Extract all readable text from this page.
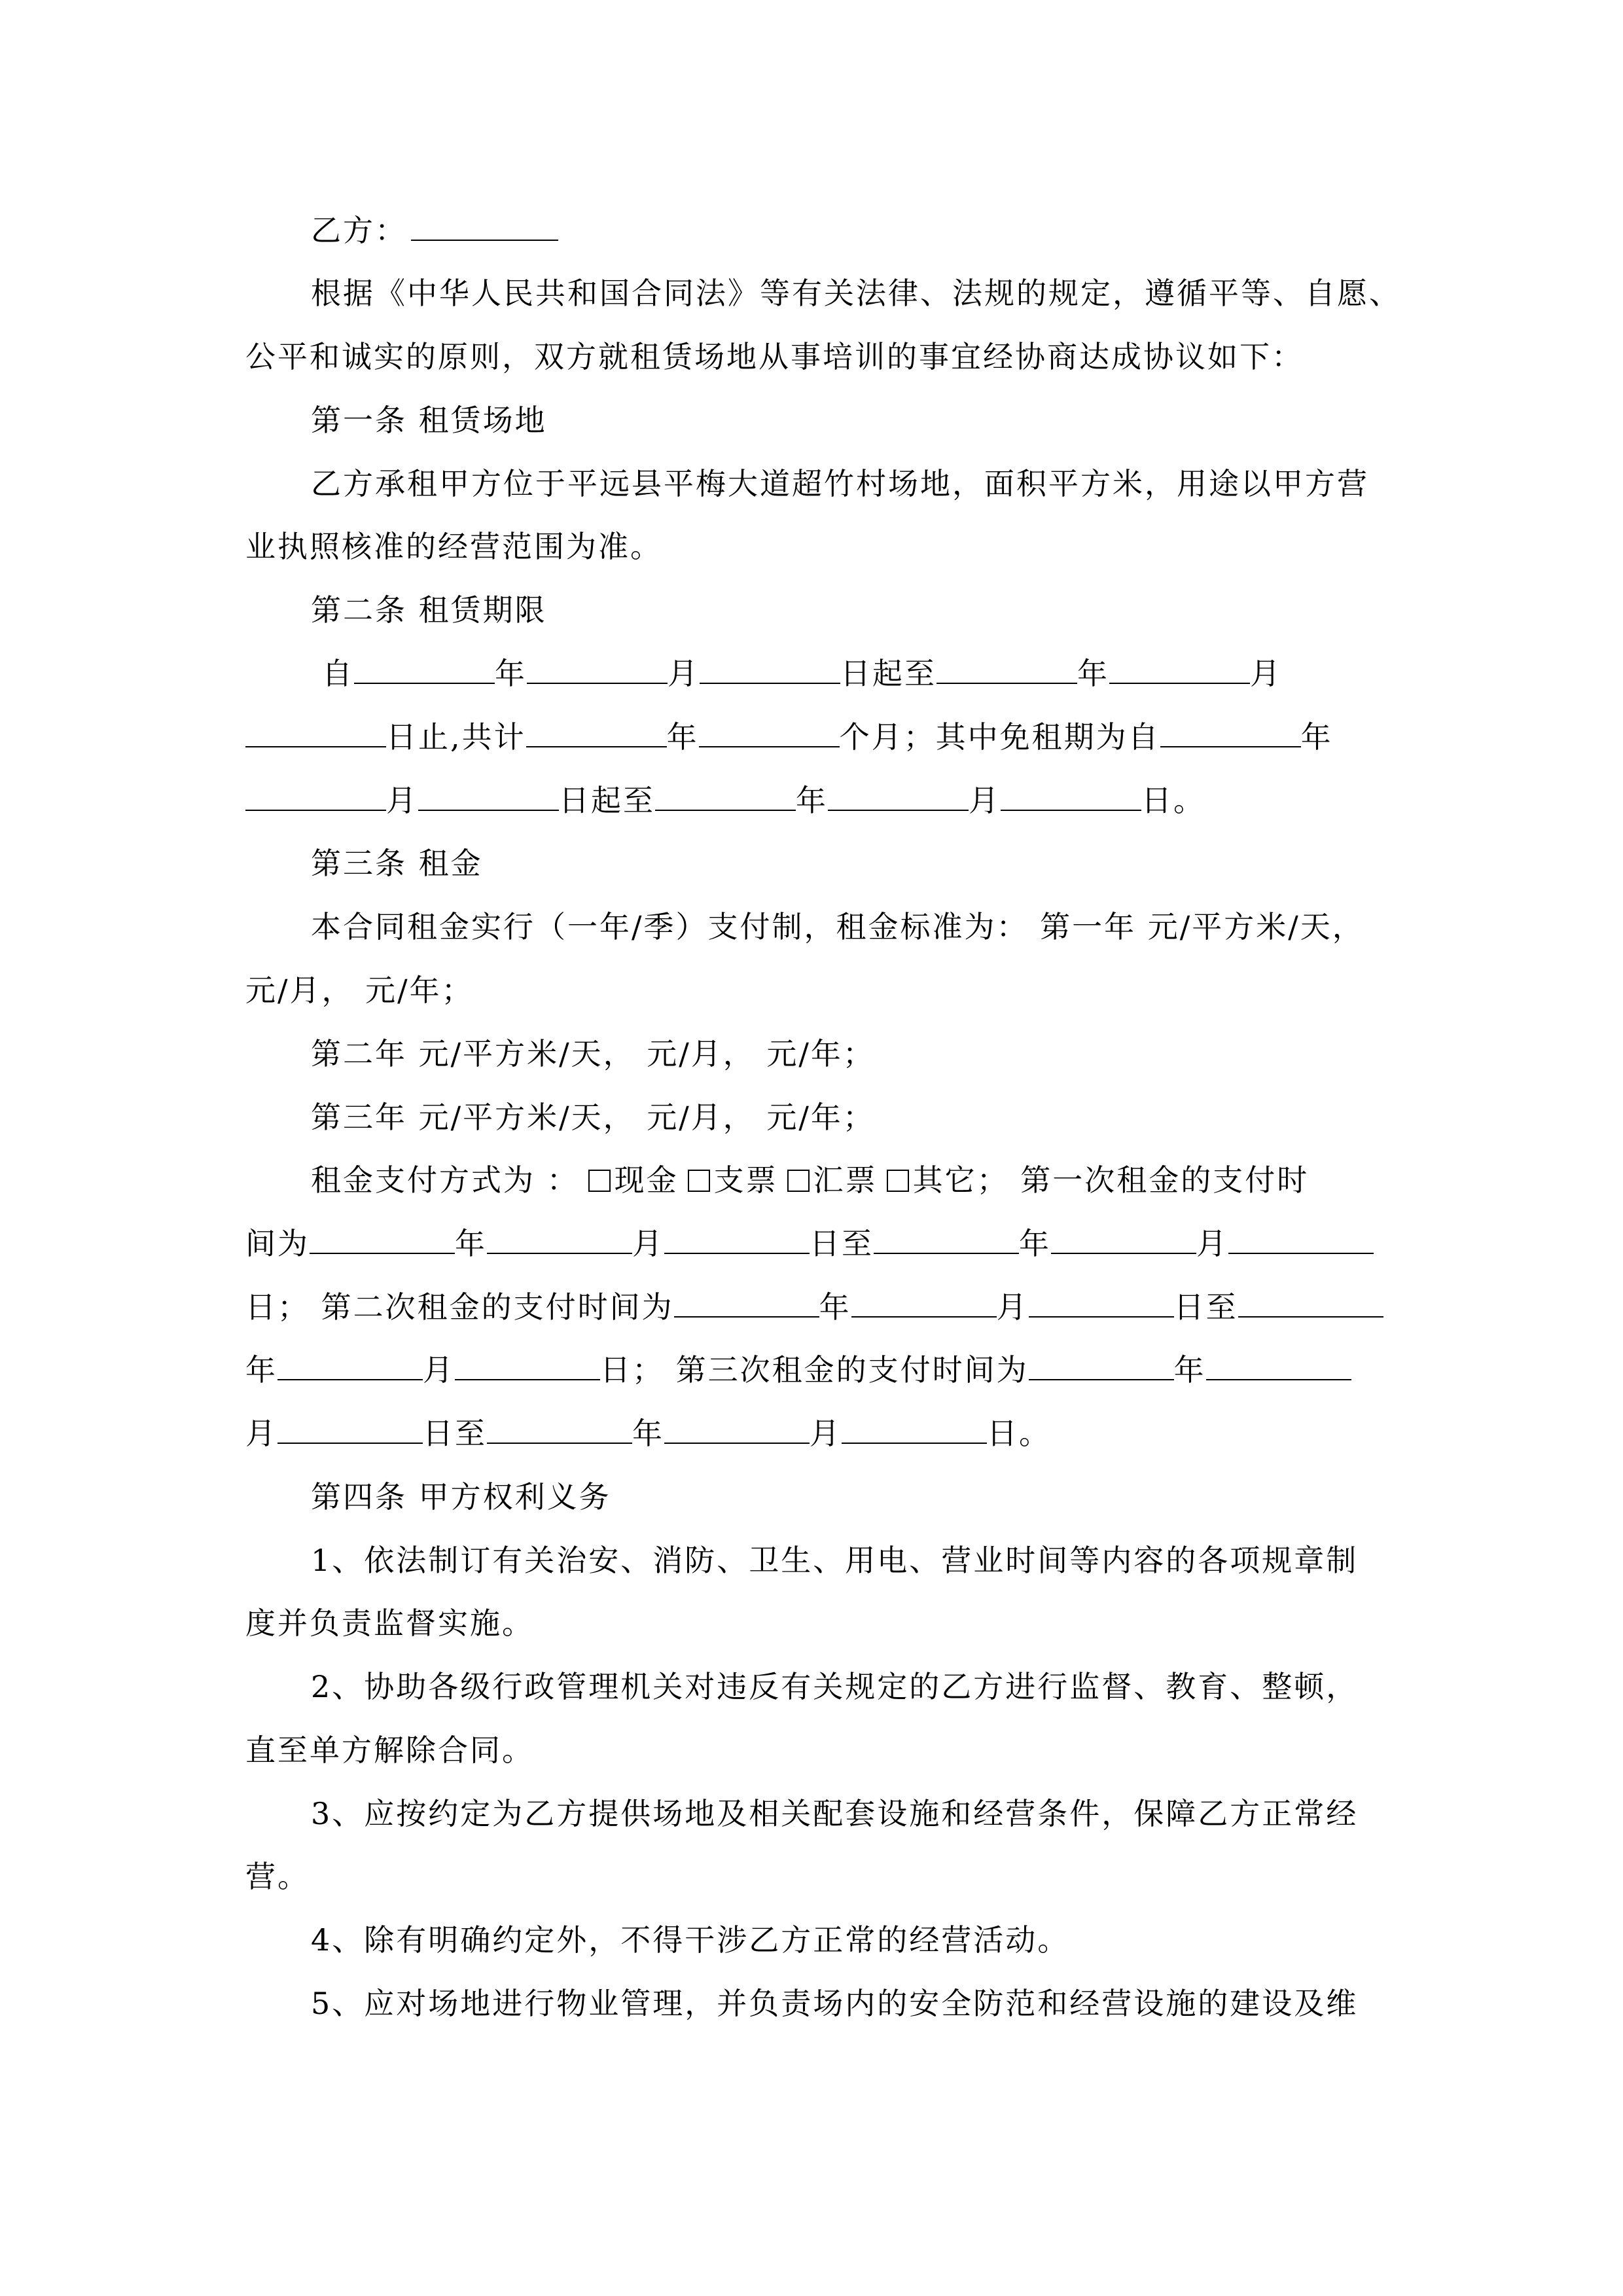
乙方：
根据《中华人民共和国合同法》等有关法律、法规的规定，遵循平等、自愿、
公平和诚实的原则，双方就租赁场地从事培训的事宜经协商达成协议如下：
第一条 租赁场地
乙方承租甲方位于平远县平梅大道超竹村场地，面积平方米，用途以甲方营
业执照核准的经营范围为准。
第二条 租赁期限
自	年	月	日起至	年	月
日止,共计	年	个月；其中免租期为自	年
月	日起至	年	月	日。
第三条 租金
本合同租金实行（一年/季）支付制，租金标准为： 第一年 元/平方米/天，
元/月， 元/年；
第二年 元/平方米/天， 元/月， 元/年；
第三年 元/平方米/天， 元/月， 元/年；
租金支付方式为 ： 现金 支票 汇票 其它； 第一次租金的支付时
间为	年	月	日至	年	月
日； 第二次租金的支付时间为	年	月	日至
年	月	日； 第三次租金的支付时间为	年
月	日至	年	月	日。
第四条 甲方权利义务
1、依法制订有关治安、消防、卫生、用电、营业时间等内容的各项规章制
度并负责监督实施。
2、协助各级行政管理机关对违反有关规定的乙方进行监督、教育、整顿，
直至单方解除合同。
3、应按约定为乙方提供场地及相关配套设施和经营条件，保障乙方正常经
营。
4、除有明确约定外，不得干涉乙方正常的经营活动。
5、应对场地进行物业管理，并负责场内的安全防范和经营设施的建设及维
